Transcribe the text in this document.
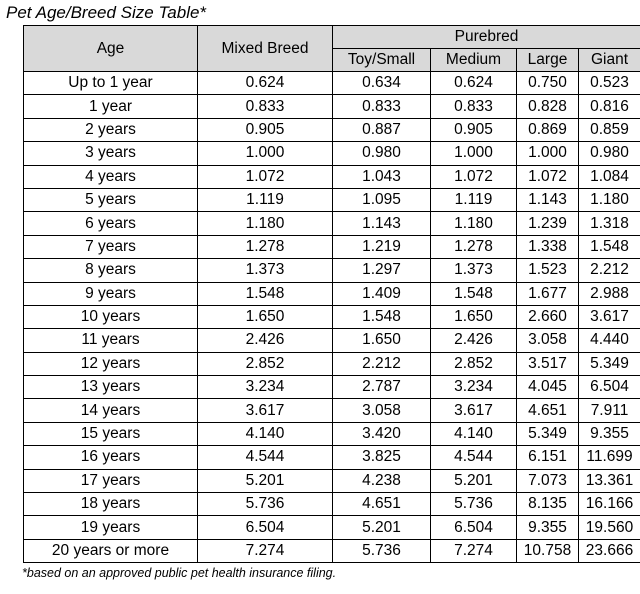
Pet Age/Breed Size Table*
Age	Mixed Breed	Purebred			
		Toy/Small	Medium	Large	Giant
Up to 1 year	0.624	0.634	0.624	0.750	0.523
1 year	0.833	0.833	0.833	0.828	0.816
2 years	0.905	0.887	0.905	0.869	0.859
3 years	1.000	0.980	1.000	1.000	0.980
4 years	1.072	1.043	1.072	1.072	1.084
5 years	1.119	1.095	1.119	1.143	1.180
6 years	1.180	1.143	1.180	1.239	1.318
7 years	1.278	1.219	1.278	1.338	1.548
8 years	1.373	1.297	1.373	1.523	2.212
9 years	1.548	1.409	1.548	1.677	2.988
10 years	1.650	1.548	1.650	2.660	3.617
11 years	2.426	1.650	2.426	3.058	4.440
12 years	2.852	2.212	2.852	3.517	5.349
13 years	3.234	2.787	3.234	4.045	6.504
14 years	3.617	3.058	3.617	4.651	7.911
15 years	4.140	3.420	4.140	5.349	9.355
16 years	4.544	3.825	4.544	6.151	11.699
17 years	5.201	4.238	5.201	7.073	13.361
18 years	5.736	4.651	5.736	8.135	16.166
19 years	6.504	5.201	6.504	9.355	19.560
20 years or more	7.274	5.736	7.274	10.758	23.666
*based on an approved public pet health insurance filing.
